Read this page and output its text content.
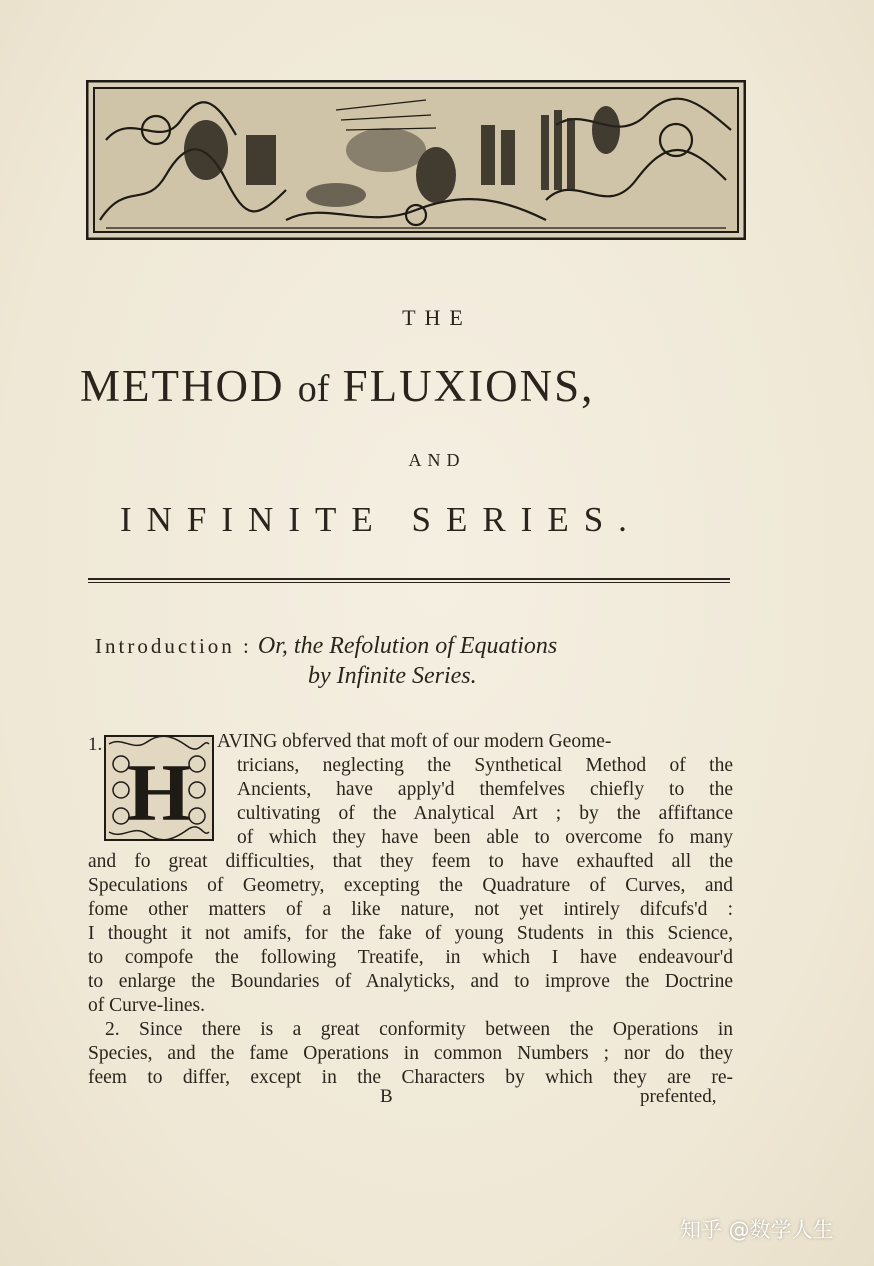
THE
METHOD of FLUXIONS,
AND
INFINITE SERIES.
Introduction : Or, the Refolution of Equations
by Infinite Series.
1.
H
AVING obferved that moft of our modern Geome-
tricians, neglecting the Synthetical Method of the
Ancients, have apply'd themfelves chiefly to the
cultivating of the Analytical Art ; by the affiftance
of which they have been able to overcome fo many
and fo great difficulties, that they feem to have exhaufted all the
Speculations of Geometry, excepting the Quadrature of Curves, and
fome other matters of a like nature, not yet intirely difcufs'd :
I thought it not amifs, for the fake of young Students in this Science,
to compofe the following Treatife, in which I have endeavour'd
to enlarge the Boundaries of Analyticks, and to improve the Doctrine
of Curve-lines.
2. Since there is a great conformity between the Operations in
Species, and the fame Operations in common Numbers ; nor do they
feem to differ, except in the Characters by which they are re-
B	prefented,
知乎 @数学人生
